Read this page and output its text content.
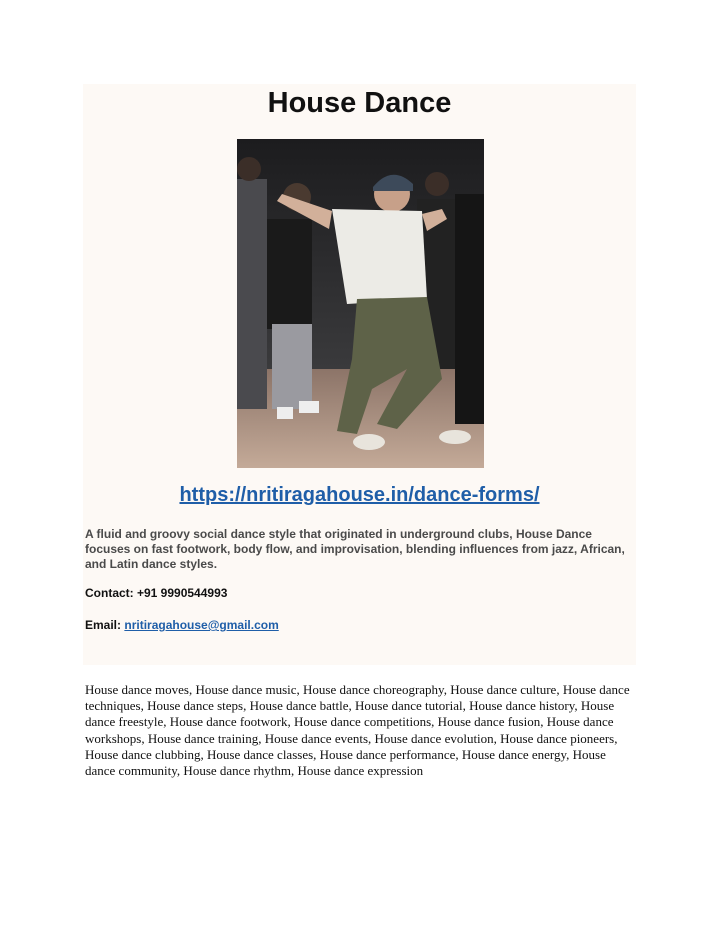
House Dance
https://nritiragahouse.in/dance-forms/

A fluid and groovy social dance style that originated in underground clubs, House Dance focuses on fast footwork, body flow, and improvisation, blending influences from jazz, African, and Latin dance styles.

Contact: +91 9990544993
Email: nritiragahouse@gmail.com

House dance moves, House dance music, House dance choreography, House dance culture, House dance techniques, House dance steps, House dance battle, House dance tutorial, House dance history, House dance freestyle, House dance footwork, House dance competitions, House dance fusion, House dance workshops, House dance training, House dance events, House dance evolution, House dance pioneers, House dance clubbing, House dance classes, House dance performance, House dance energy, House dance community, House dance rhythm, House dance expression
